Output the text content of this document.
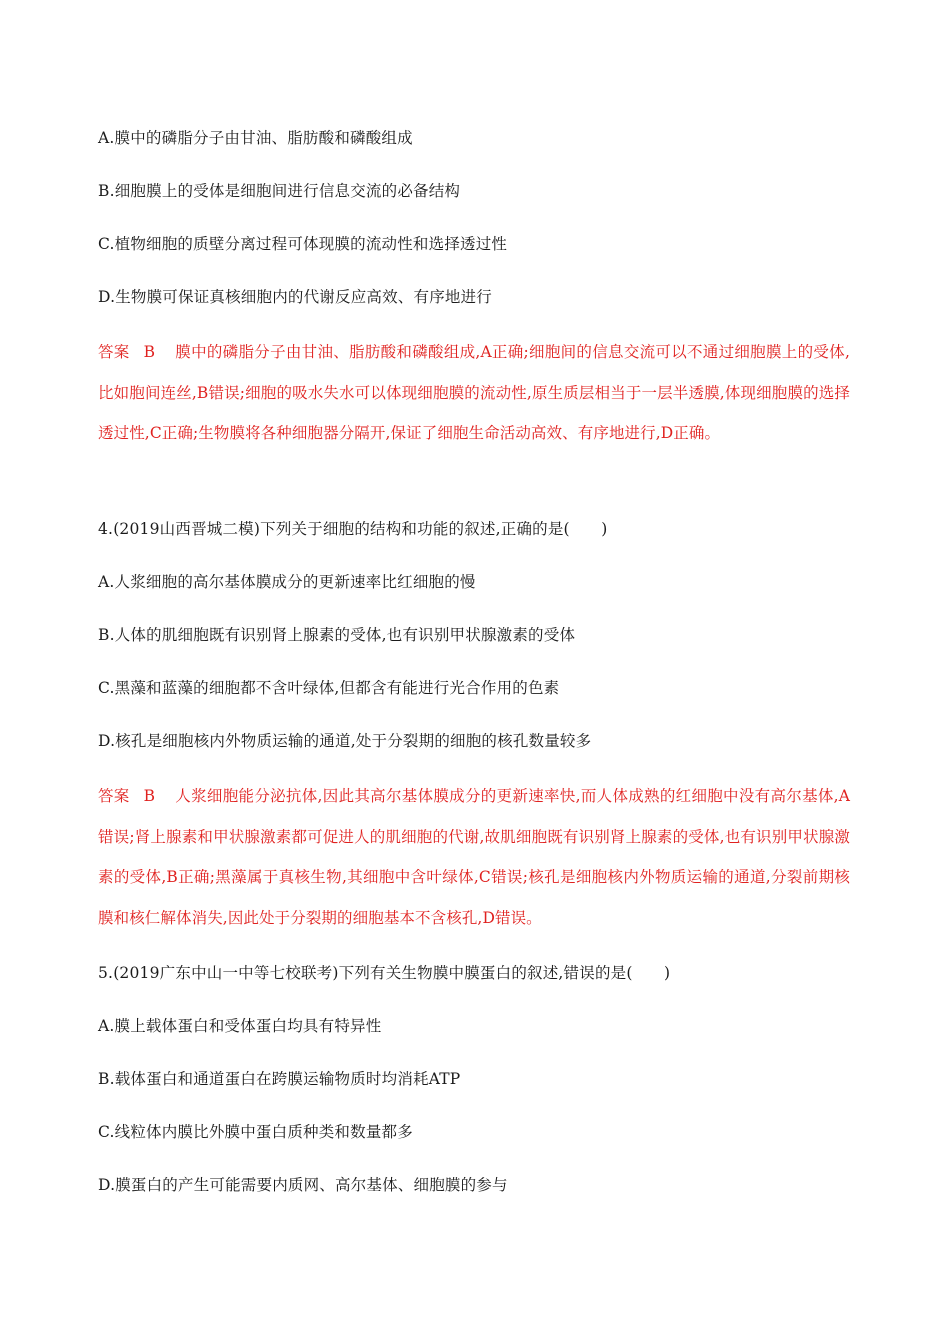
A.膜中的磷脂分子由甘油、脂肪酸和磷酸组成
B.细胞膜上的受体是细胞间进行信息交流的必备结构
C.植物细胞的质壁分离过程可体现膜的流动性和选择透过性
D.生物膜可保证真核细胞内的代谢反应高效、有序地进行
答案 B 膜中的磷脂分子由甘油、脂肪酸和磷酸组成,A正确;细胞间的信息交流可以不通过细胞膜上的受体,比如胞间连丝,B错误;细胞的吸水失水可以体现细胞膜的流动性,原生质层相当于一层半透膜,体现细胞膜的选择透过性,C正确;生物膜将各种细胞器分隔开,保证了细胞生命活动高效、有序地进行,D正确。
4.(2019山西晋城二模)下列关于细胞的结构和功能的叙述,正确的是(　　)
A.人浆细胞的高尔基体膜成分的更新速率比红细胞的慢
B.人体的肌细胞既有识别肾上腺素的受体,也有识别甲状腺激素的受体
C.黑藻和蓝藻的细胞都不含叶绿体,但都含有能进行光合作用的色素
D.核孔是细胞核内外物质运输的通道,处于分裂期的细胞的核孔数量较多
答案 B 人浆细胞能分泌抗体,因此其高尔基体膜成分的更新速率快,而人体成熟的红细胞中没有高尔基体,A错误;肾上腺素和甲状腺激素都可促进人的肌细胞的代谢,故肌细胞既有识别肾上腺素的受体,也有识别甲状腺激素的受体,B正确;黑藻属于真核生物,其细胞中含叶绿体,C错误;核孔是细胞核内外物质运输的通道,分裂前期核膜和核仁解体消失,因此处于分裂期的细胞基本不含核孔,D错误。
5.(2019广东中山一中等七校联考)下列有关生物膜中膜蛋白的叙述,错误的是(　　)
A.膜上载体蛋白和受体蛋白均具有特异性
B.载体蛋白和通道蛋白在跨膜运输物质时均消耗ATP
C.线粒体内膜比外膜中蛋白质种类和数量都多
D.膜蛋白的产生可能需要内质网、高尔基体、细胞膜的参与
